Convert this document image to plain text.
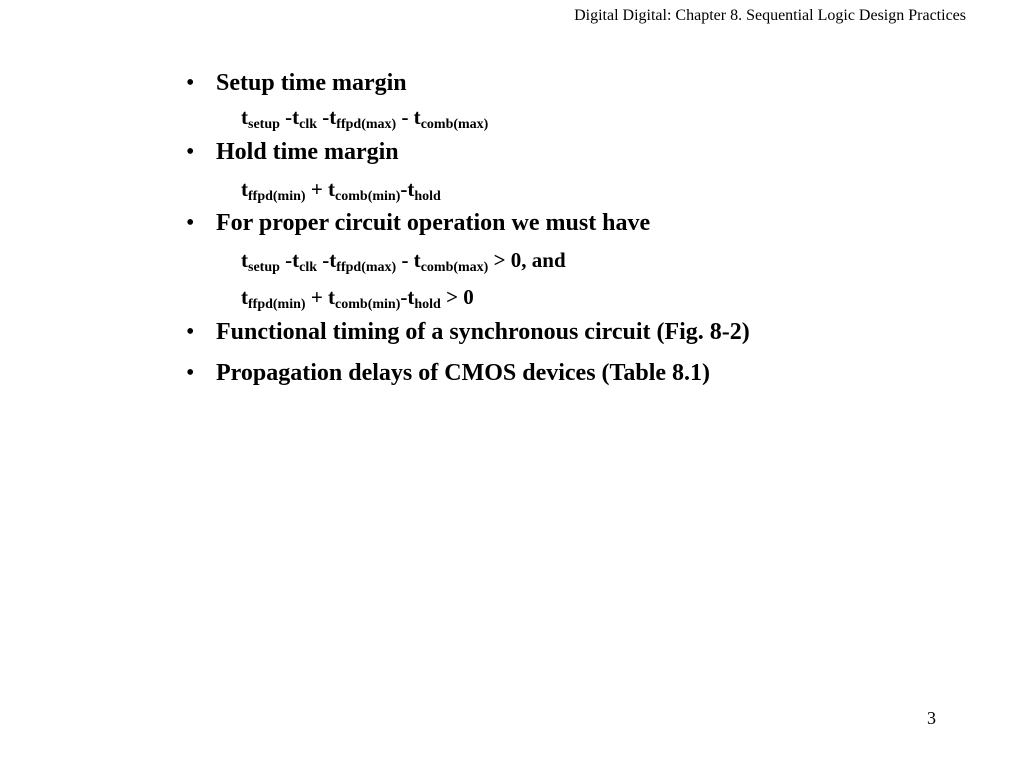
Digital Digital: Chapter 8. Sequential Logic Design Practices
• Setup time margin
$t_{setup}$ $-t_{clk}$ $-t_{ffpd(max)} - t_{comb(max)}$
• Hold time margin
$t_{ffpd(min)} + t_{comb(min)}-t_{hold}$
• For proper circuit operation we must have
$t_{setup}$ $-t_{clk}$ $-t_{ffpd(max)} - t_{comb(max)} > 0$, and
$t_{ffpd(min)} + t_{comb(min)}-t_{hold} > 0$
• Functional timing of a synchronous circuit (Fig. 8-2)
• Propagation delays of CMOS devices (Table 8.1)
3
